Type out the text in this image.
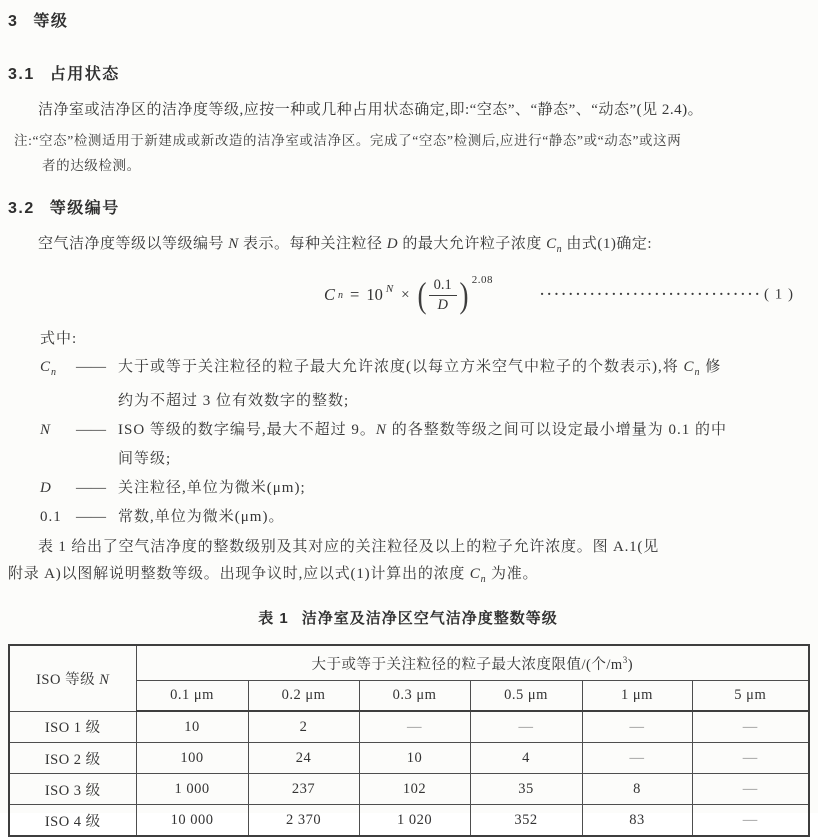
3 等级
3.1 占用状态
洁净室或洁净区的洁净度等级,应按一种或几种占用状态确定,即:“空态”、“静态”、“动态”(见 2.4)。
注:“空态”检测适用于新建成或新改造的洁净室或洁净区。完成了“空态”检测后,应进行“静态”或“动态”或这两
者的达级检测。
3.2 等级编号
空气洁净度等级以等级编号 N 表示。每种关注粒径 D 的最大允许粒子浓度 $C_n$ 由式(1)确定:
C n = 10 N × ( $\frac{0.1}{D}$ ) $^{2.08}$
······························· ( 1 )
式中:
$C_n$	—— 大于或等于关注粒径的粒子最大允许浓度(以每立方米空气中粒子的个数表示),将 $C_n$ 修
约为不超过 3 位有效数字的整数;
N	—— ISO 等级的数字编号,最大不超过 9。N 的各整数等级之间可以设定最小增量为 0.1 的中
间等级;
D	—— 关注粒径,单位为微米(μm);
0.1 —— 常数,单位为微米(μm)。
表 1 给出了空气洁净度的整数级别及其对应的关注粒径及以上的粒子允许浓度。图 A.1(见
附录 A)以图解说明整数等级。出现争议时,应以式(1)计算出的浓度 $C_n$ 为准。
表 1 洁净室及洁净区空气洁净度整数等级
ISO 等级 N	大于或等于关注粒径的粒子最大浓度限值/(个$/m^3$)					
	0.1 μm	0.2 μm	0.3 μm	0.5 μm	1 μm	5 μm
ISO 1 级	10	2	—	—	—	—
ISO 2 级	100	24	10	4	—	—
ISO 3 级	1 000	237	102	35	8	—
ISO 4 级	10 000	2 370	1 020	352	83	—
